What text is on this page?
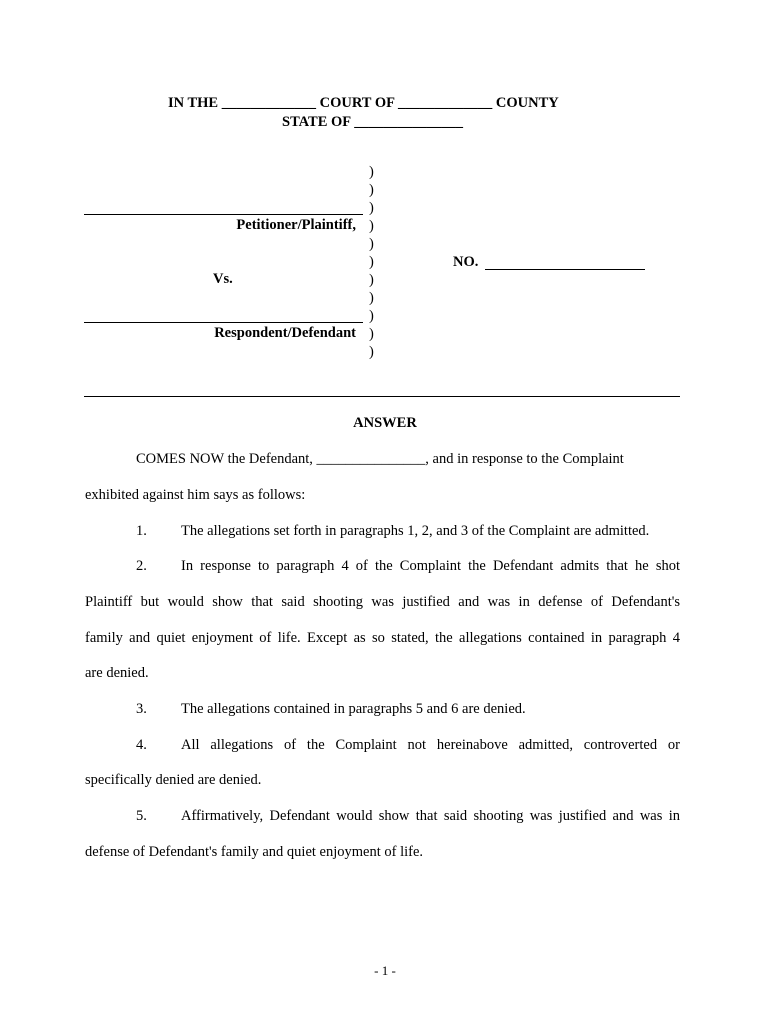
IN THE _____________ COURT OF _____________ COUNTY
STATE OF _______________
)
)
)
)
)
)
)
)
)
)
)
Petitioner/Plaintiff,
Vs.
Respondent/Defendant
NO.
ANSWER
COMES NOW the Defendant, _______________, and in response to the Complaint
exhibited against him says as follows:
1. The allegations set forth in paragraphs 1, 2, and 3 of the Complaint are admitted.
2. In response to paragraph 4 of the Complaint the Defendant admits that he shot
Plaintiff but would show that said shooting was justified and was in defense of Defendant's
family and quiet enjoyment of life. Except as so stated, the allegations contained in paragraph 4
are denied.
3. The allegations contained in paragraphs 5 and 6 are denied.
4. All allegations of the Complaint not hereinabove admitted, controverted or
specifically denied are denied.
5. Affirmatively, Defendant would show that said shooting was justified and was in
defense of Defendant's family and quiet enjoyment of life.
- 1 -
